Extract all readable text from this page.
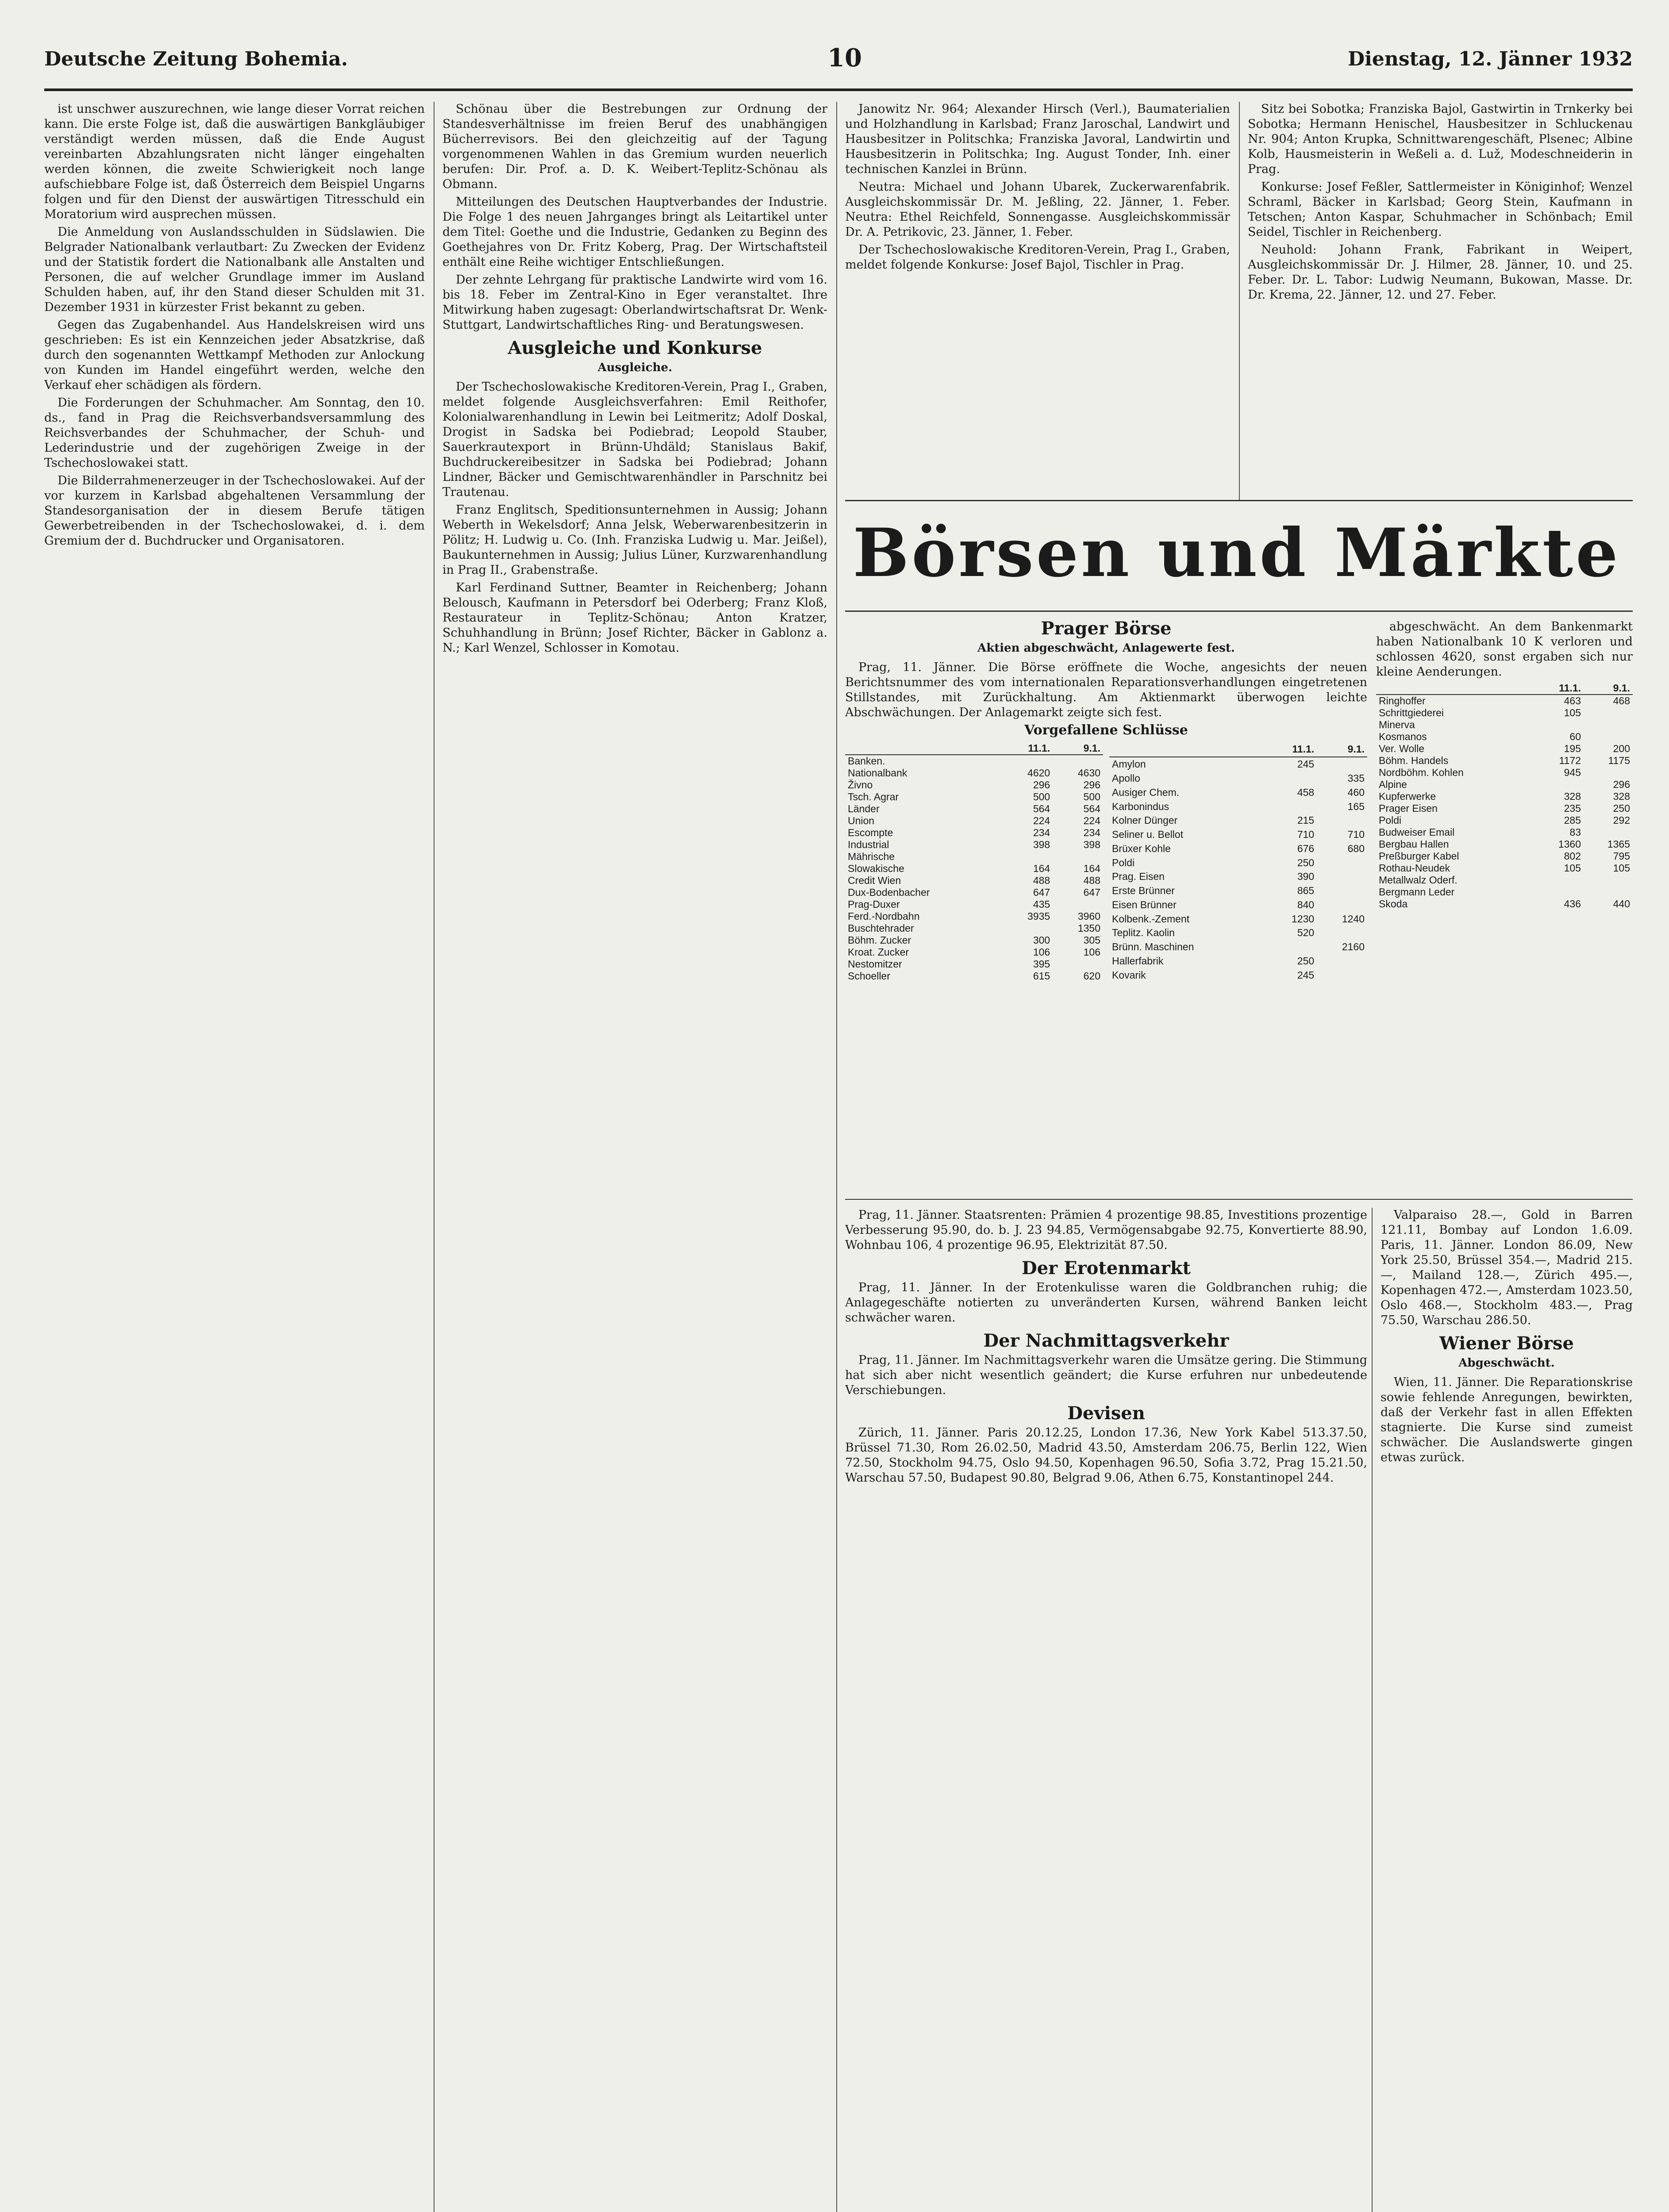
Deutsche Zeitung Bohemia.	10	Dienstag, 12. Jänner 1932

ist unschwer auszurechnen, wie lange dieser Vorrat reichen kann. Die erste Folge ist, daß die auswärtigen Bankgläubiger verständigt werden müssen, daß die Ende August vereinbarten Abzahlungsraten nicht länger eingehalten werden können, die zweite Schwierigkeit noch lange aufschiebbare Folge ist, daß Österreich dem Beispiel Ungarns folgen und für den Dienst der auswärtigen Titresschuld ein Moratorium wird ausprechen müssen.

Die Anmeldung von Auslandsschulden in Südslawien. Die Belgrader Nationalbank verlautbart: Zu Zwecken der Evidenz und der Statistik fordert die Nationalbank alle Anstalten und Personen, die auf welcher Grundlage immer im Ausland Schulden haben, auf, ihr den Stand dieser Schulden mit 31. Dezember 1931 in kürzester Frist bekannt zu geben.

Gegen das Zugabenhandel. Aus Handelskreisen wird uns geschrieben: Es ist ein Kennzeichen jeder Absatzkrise, daß durch den sogenannten Wettkampf Methoden zur Anlockung von Kunden im Handel eingeführt werden, welche den Verkauf eher schädigen als fördern.

Die Forderungen der Schuhmacher. Am Sonntag, den 10. ds., fand in Prag die Reichsverbandsversammlung des Reichsverbandes der Schuhmacher, der Schuh- und Lederindustrie und der zugehörigen Zweige in der Tschechoslowakei statt.

Die Bilderrahmenerzeuger in der Tschechoslowakei. Auf der vor kurzem in Karlsbad abgehaltenen Versammlung der Standesorganisation der in diesem Berufe tätigen Gewerbetreibenden in der Tschechoslowakei, d. i. dem Gremium der d. Buchdrucker und Organisatoren.

Schönau über die Bestrebungen zur Ordnung der Standesverhältnisse im freien Beruf des unabhängigen Bücherrevisors. Bei den gleichzeitig auf der Tagung vorgenommenen Wahlen in das Gremium wurden neuerlich berufen: Dir. Prof. a. D. K. Weibert-Teplitz-Schönau als Obmann.

Mitteilungen des Deutschen Hauptverbandes der Industrie. Die Folge 1 des neuen Jahrganges bringt als Leitartikel unter dem Titel: Goethe und die Industrie, Gedanken zu Beginn des Goethejahres von Dr. Fritz Koberg, Prag. Der Wirtschaftsteil enthält eine Reihe wichtiger Entschließungen.

Der zehnte Lehrgang für praktische Landwirte wird vom 16. bis 18. Feber im Zentral-Kino in Eger veranstaltet. Ihre Mitwirkung haben zugesagt: Oberlandwirtschaftsrat Dr. Wenk-Stuttgart, Landwirtschaftliches Ring- und Beratungswesen.

Ausgleiche und Konkurse
Ausgleiche.

Der Tschechoslowakische Kreditoren-Verein, Prag I., Graben, meldet folgende Ausgleichsverfahren: Emil Reithofer, Kolonialwarenhandlung in Lewin bei Leitmeritz; Adolf Doskal, Drogist in Sadska bei Podiebrad; Leopold Stauber, Sauerkrautexport in Brünn-Uhdäld; Stanislaus Bakif, Buchdruckereibesitzer in Sadska bei Podiebrad; Johann Lindner, Bäcker und Gemischtwarenhändler in Parschnitz bei Trautenau.

Franz Englitsch, Speditionsunternehmen in Aussig; Johann Weberth in Wekelsdorf; Anna Jelsk, Weberwarenbesitzerin in Pölitz; H. Ludwig u. Co. (Inh. Franziska Ludwig u. Mar. Jeißel), Baukunternehmen in Aussig; Julius Lüner, Kurzwarenhandlung in Prag II., Grabenstraße.

Karl Ferdinand Suttner, Beamter in Reichenberg; Johann Belousch, Kaufmann in Petersdorf bei Oderberg; Franz Kloß, Restaurateur in Teplitz-Schönau; Anton Kratzer, Schuhhandlung in Brünn; Josef Richter, Bäcker in Gablonz a. N.; Karl Wenzel, Schlosser in Komotau.

Janowitz Nr. 964; Alexander Hirsch (Verl.), Baumaterialien und Holzhandlung in Karlsbad; Franz Jaroschal, Landwirt und Hausbesitzer in Politschka; Franziska Javoral, Landwirtin und Hausbesitzerin in Politschka; Ing. August Tonder, Inh. einer technischen Kanzlei in Brünn.

Neutra: Michael und Johann Ubarek, Zuckerwarenfabrik. Ausgleichskommissär Dr. M. Jeßling, 22. Jänner, 1. Feber. Neutra: Ethel Reichfeld, Sonnengasse. Ausgleichskommissär Dr. A. Petrikovic, 23. Jänner, 1. Feber.

Der Tschechoslowakische Kreditoren-Verein, Prag I., Graben, meldet folgende Konkurse: Josef Bajol, Tischler in Prag.

Sitz bei Sobotka; Franziska Bajol, Gastwirtin in Trnkerky bei Sobotka; Hermann Henischel, Hausbesitzer in Schluckenau Nr. 904; Anton Krupka, Schnittwarengeschäft, Plsenec; Albine Kolb, Hausmeisterin in Weßeli a. d. Luž, Modeschneiderin in Prag.

Konkurse: Josef Feßler, Sattlermeister in Königinhof; Wenzel Schraml, Bäcker in Karlsbad; Georg Stein, Kaufmann in Tetschen; Anton Kaspar, Schuhmacher in Schönbach; Emil Seidel, Tischler in Reichenberg.

Neuhold: Johann Frank, Fabrikant in Weipert, Ausgleichskommissär Dr. J. Hilmer, 28. Jänner, 10. und 25. Feber. Dr. L. Tabor: Ludwig Neumann, Bukowan, Masse. Dr. Dr. Krema, 22. Jänner, 12. und 27. Feber.

Börsen und Märkte
Prager Börse
Aktien abgeschwächt, Anlagewerte fest.

Prag, 11. Jänner. Die Börse eröffnete die Woche, angesichts der neuen Berichtsnummer des vom internationalen Reparationsverhandlungen eingetretenen Stillstandes, mit Zurückhaltung. Am Aktienmarkt überwogen leichte Abschwächungen. Der Anlagemarkt zeigte sich fest.

Vorgefallene Schlüsse
	11.1.	9.1.
Banken.		
Nationalbank	4620	4630
Živno	296	296
Tsch. Agrar	500	500
Länder	564	564
Union	224	224
Escompte	234	234
Industrial	398	398
Mährische		
Slowakische	164	164
Credit Wien	488	488
Dux-Bodenbacher	647	647
Prag-Duxer	435	
Ferd.-Nordbahn	3935	3960
Buschtehrader		1350
Böhm. Zucker	300	305
Kroat. Zucker	106	106
Nestomitzer	395	
Schoeller	615	620
	11.1.	9.1.
Amylon	245	
Apollo		335
Ausiger Chem.	458	460
Karbonindus		165
Kolner Dünger	215	
Seliner u. Bellot	710	710
Brüxer Kohle	676	680
Poldi	250	
Prag. Eisen	390	
Erste Brünner	865	
Eisen Brünner	840	
Kolbenk.-Zement	1230	1240
Teplitz. Kaolin	520	
Brünn. Maschinen		2160
Hallerfabrik	250	
Kovarik	245	

abgeschwächt. An dem Bankenmarkt haben Nationalbank 10 K verloren und schlossen 4620, sonst ergaben sich nur kleine Aenderungen.

	11.1.	9.1.
Ringhoffer	463	468
Schrittgiederei	105	
Minerva		
Kosmanos	60	
Ver. Wolle	195	200
Böhm. Handels	1172	1175
Nordböhm. Kohlen	945	
Alpine		296
Kupferwerke	328	328
Prager Eisen	235	250
Poldi	285	292
Budweiser Email	83	
Bergbau Hallen	1360	1365
Preßburger Kabel	802	795
Rothau-Neudek	105	105
Metallwalz Oderf.		
Bergmann Leder		
Skoda	436	440

Prag, 11. Jänner. Staatsrenten: Prämien 4 prozentige 98.85, Investitions prozentige Verbesserung 95.90, do. b. J. 23 94.85, Vermögensabgabe 92.75, Konvertierte 88.90, Wohnbau 106, 4 prozentige 96.95, Elektrizität 87.50.

Der Erotenmarkt

Prag, 11. Jänner. In der Erotenkulisse waren die Goldbranchen ruhig; die Anlagegeschäfte notierten zu unveränderten Kursen, während Banken leicht schwächer waren.

Der Nachmittagsverkehr

Prag, 11. Jänner. Im Nachmittagsverkehr waren die Umsätze gering. Die Stimmung hat sich aber nicht wesentlich geändert; die Kurse erfuhren nur unbedeutende Verschiebungen.

Devisen

Zürich, 11. Jänner. Paris 20.12.25, London 17.36, New York Kabel 513.37.50, Brüssel 71.30, Rom 26.02.50, Madrid 43.50, Amsterdam 206.75, Berlin 122, Wien 72.50, Stockholm 94.75, Oslo 94.50, Kopenhagen 96.50, Sofia 3.72, Prag 15.21.50, Warschau 57.50, Budapest 90.80, Belgrad 9.06, Athen 6.75, Konstantinopel 244.

Valparaiso 28.—, Gold in Barren 121.11, Bombay auf London 1.6.09. Paris, 11. Jänner. London 86.09, New York 25.50, Brüssel 354.—, Madrid 215.—, Mailand 128.—, Zürich 495.—, Kopenhagen 472.—, Amsterdam 1023.50, Oslo 468.—, Stockholm 483.—, Prag 75.50, Warschau 286.50.

Wiener Börse
Abgeschwächt.

Wien, 11. Jänner. Die Reparationskrise sowie fehlende Anregungen, bewirkten, daß der Verkehr fast in allen Effekten stagnierte. Die Kurse sind zumeist schwächer. Die Auslandswerte gingen etwas zurück.
